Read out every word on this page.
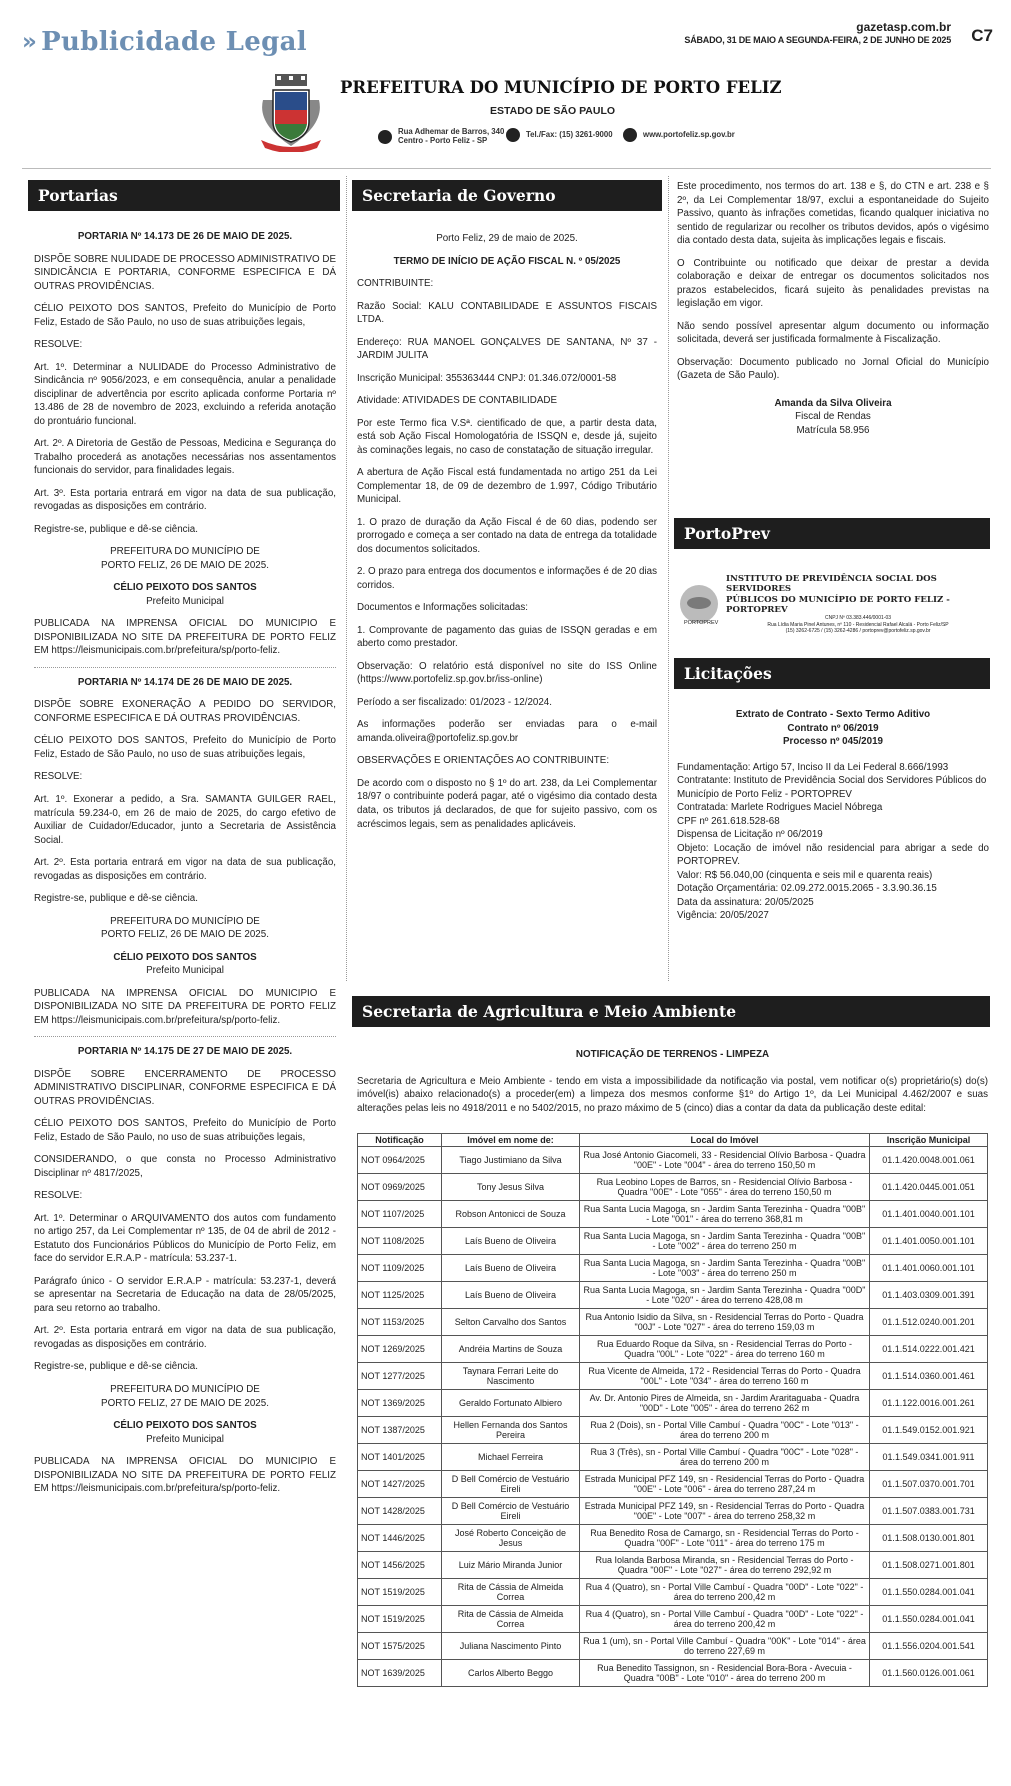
» Publicidade Legal	gazetasp.com.br
SÁBADO, 31 DE MAIO A SEGUNDA-FEIRA, 2 DE JUNHO DE 2025 C7
PREFEITURA DO MUNICÍPIO DE PORTO FELIZ
ESTADO DE SÃO PAULO
Rua Adhemar de Barros, 340
Centro - Porto Feliz - SP
Tel./Fax: (15) 3261-9000	www.portofeliz.sp.gov.br
Portarias

PORTARIA Nº 14.173 DE 26 DE MAIO DE 2025.

DISPÕE SOBRE NULIDADE DE PROCESSO ADMINISTRATIVO DE SINDICÂNCIA E PORTARIA, CONFORME ESPECIFICA E DÁ OUTRAS PROVIDÊNCIAS.

CÉLIO PEIXOTO DOS SANTOS, Prefeito do Município de Porto Feliz, Estado de São Paulo, no uso de suas atribuições legais,

RESOLVE:

Art. 1º. Determinar a NULIDADE do Processo Administrativo de Sindicância nº 9056/2023, e em consequência, anular a penalidade disciplinar de advertência por escrito aplicada conforme Portaria nº 13.486 de 28 de novembro de 2023, excluindo a referida anotação do prontuário funcional.

Art. 2º. A Diretoria de Gestão de Pessoas, Medicina e Segurança do Trabalho procederá as anotações necessárias nos assentamentos funcionais do servidor, para finalidades legais.

Art. 3º. Esta portaria entrará em vigor na data de sua publicação, revogadas as disposições em contrário.

Registre-se, publique e dê-se ciência.

PREFEITURA DO MUNICÍPIO DE

PORTO FELIZ, 26 DE MAIO DE 2025.

CÉLIO PEIXOTO DOS SANTOS

Prefeito Municipal

PUBLICADA NA IMPRENSA OFICIAL DO MUNICIPIO E DISPONIBILIZADA NO SITE DA PREFEITURA DE PORTO FELIZ EM https://leismunicipais.com.br/prefeitura/sp/porto-feliz.

PORTARIA Nº 14.174 DE 26 DE MAIO DE 2025.

DISPÕE SOBRE EXONERAÇÃO A PEDIDO DO SERVIDOR, CONFORME ESPECIFICA E DÁ OUTRAS PROVIDÊNCIAS.

CÉLIO PEIXOTO DOS SANTOS, Prefeito do Município de Porto Feliz, Estado de São Paulo, no uso de suas atribuições legais,

RESOLVE:

Art. 1º. Exonerar a pedido, a Sra. SAMANTA GUILGER RAEL, matrícula 59.234-0, em 26 de maio de 2025, do cargo efetivo de Auxiliar de Cuidador/Educador, junto a Secretaria de Assistência Social.

Art. 2º. Esta portaria entrará em vigor na data de sua publicação, revogadas as disposições em contrário.

Registre-se, publique e dê-se ciência.

PREFEITURA DO MUNICÍPIO DE

PORTO FELIZ, 26 DE MAIO DE 2025.

CÉLIO PEIXOTO DOS SANTOS

Prefeito Municipal

PUBLICADA NA IMPRENSA OFICIAL DO MUNICIPIO E DISPONIBILIZADA NO SITE DA PREFEITURA DE PORTO FELIZ EM https://leismunicipais.com.br/prefeitura/sp/porto-feliz.

PORTARIA Nº 14.175 DE 27 DE MAIO DE 2025.

DISPÕE SOBRE ENCERRAMENTO DE PROCESSO ADMINISTRATIVO DISCIPLINAR, CONFORME ESPECIFICA E DÁ OUTRAS PROVIDÊNCIAS.

CÉLIO PEIXOTO DOS SANTOS, Prefeito do Município de Porto Feliz, Estado de São Paulo, no uso de suas atribuições legais,

CONSIDERANDO, o que consta no Processo Administrativo Disciplinar nº 4817/2025,

RESOLVE:

Art. 1º. Determinar o ARQUIVAMENTO dos autos com fundamento no artigo 257, da Lei Complementar nº 135, de 04 de abril de 2012 - Estatuto dos Funcionários Públicos do Município de Porto Feliz, em face do servidor E.R.A.P - matrícula: 53.237-1.

Parágrafo único - O servidor E.R.A.P - matrícula: 53.237-1, deverá se apresentar na Secretaria de Educação na data de 28/05/2025, para seu retorno ao trabalho.

Art. 2º. Esta portaria entrará em vigor na data de sua publicação, revogadas as disposições em contrário.

Registre-se, publique e dê-se ciência.

PREFEITURA DO MUNICÍPIO DE

PORTO FELIZ, 27 DE MAIO DE 2025.

CÉLIO PEIXOTO DOS SANTOS

Prefeito Municipal

PUBLICADA NA IMPRENSA OFICIAL DO MUNICIPIO E DISPONIBILIZADA NO SITE DA PREFEITURA DE PORTO FELIZ EM https://leismunicipais.com.br/prefeitura/sp/porto-feliz.

Secretaria de Governo

Porto Feliz, 29 de maio de 2025.

TERMO DE INÍCIO DE AÇÃO FISCAL N. º 05/2025

CONTRIBUINTE:

Razão Social: KALU CONTABILIDADE E ASSUNTOS FISCAIS LTDA.

Endereço: RUA MANOEL GONÇALVES DE SANTANA, Nº 37 - JARDIM JULITA

Inscrição Municipal: 355363444 CNPJ: 01.346.072/0001-58

Atividade: ATIVIDADES DE CONTABILIDADE

Por este Termo fica V.Sª. cientificado de que, a partir desta data, está sob Ação Fiscal Homologatória de ISSQN e, desde já, sujeito às cominações legais, no caso de constatação de situação irregular.

A abertura de Ação Fiscal está fundamentada no artigo 251 da Lei Complementar 18, de 09 de dezembro de 1.997, Código Tributário Municipal.

1. O prazo de duração da Ação Fiscal é de 60 dias, podendo ser prorrogado e começa a ser contado na data de entrega da totalidade dos documentos solicitados.

2. O prazo para entrega dos documentos e informações é de 20 dias corridos.

Documentos e Informações solicitadas:

1. Comprovante de pagamento das guias de ISSQN geradas e em aberto como prestador.

Observação: O relatório está disponível no site do ISS Online (https://www.portofeliz.sp.gov.br/iss-online)

Período a ser fiscalizado: 01/2023 - 12/2024.

As informações poderão ser enviadas para o e-mail amanda.oliveira@portofeliz.sp.gov.br

OBSERVAÇÕES E ORIENTAÇÕES AO CONTRIBUINTE:

De acordo com o disposto no § 1º do art. 238, da Lei Complementar 18/97 o contribuinte poderá pagar, até o vigésimo dia contado desta data, os tributos já declarados, de que for sujeito passivo, com os acréscimos legais, sem as penalidades aplicáveis.

Este procedimento, nos termos do art. 138 e §, do CTN e art. 238 e § 2º, da Lei Complementar 18/97, exclui a espontaneidade do Sujeito Passivo, quanto às infrações cometidas, ficando qualquer iniciativa no sentido de regularizar ou recolher os tributos devidos, após o vigésimo dia contado desta data, sujeita às implicações legais e fiscais.

O Contribuinte ou notificado que deixar de prestar a devida colaboração e deixar de entregar os documentos solicitados nos prazos estabelecidos, ficará sujeito às penalidades previstas na legislação em vigor.

Não sendo possível apresentar algum documento ou informação solicitada, deverá ser justificada formalmente à Fiscalização.

Observação: Documento publicado no Jornal Oficial do Município (Gazeta de São Paulo).

Amanda da Silva Oliveira

Fiscal de Rendas

Matrícula 58.956

PortoPrev
INSTITUTO DE PREVIDÊNCIA SOCIAL DOS SERVIDORES
PÚBLICOS DO MUNICÍPIO DE PORTO FELIZ - PORTOPREV
CNPJ Nº 03.383.446/0001-03
Rua Lídia Maria Pinel Antunes, nº 110 - Residencial Rafael Alcalá - Porto Feliz/SP
(15) 3262-6725 / (15) 3262-4286 / portoprev@portofeliz.sp.gov.br
PORTOPREV
Licitações

Extrato de Contrato - Sexto Termo Aditivo

Contrato nº 06/2019

Processo nº 045/2019

Fundamentação: Artigo 57, Inciso II da Lei Federal 8.666/1993
Contratante: Instituto de Previdência Social dos Servidores Públicos do Município de Porto Feliz - PORTOPREV
Contratada: Marlete Rodrigues Maciel Nóbrega
CPF nº 261.618.528-68
Dispensa de Licitação nº 06/2019
Objeto: Locação de imóvel não residencial para abrigar a sede do PORTOPREV.
Valor: R$ 56.040,00 (cinquenta e seis mil e quarenta reais)
Dotação Orçamentária: 02.09.272.0015.2065 - 3.3.90.36.15
Data da assinatura: 20/05/2025
Vigência: 20/05/2027
Secretaria de Agricultura e Meio Ambiente

NOTIFICAÇÃO DE TERRENOS - LIMPEZA

Secretaria de Agricultura e Meio Ambiente - tendo em vista a impossibilidade da notificação via postal, vem notificar o(s) proprietário(s) do(s) imóvel(is) abaixo relacionado(s) a proceder(em) a limpeza dos mesmos conforme §1º do Artigo 1º, da Lei Municipal 4.462/2007 e suas alterações pelas leis no 4918/2011 e no 5402/2015, no prazo máximo de 5 (cinco) dias a contar da data da publicação deste edital:

Notificação	Imóvel em nome de:	Local do Imóvel	Inscrição Municipal
NOT 0964/2025	Tiago Justimiano da Silva	Rua José Antonio Giacomeli, 33 - Residencial Olívio Barbosa - Quadra "00E" - Lote "004" - área do terreno 150,50 m	01.1.420.0048.001.061
NOT 0969/2025	Tony Jesus Silva	Rua Leobino Lopes de Barros, sn - Residencial Olívio Barbosa - Quadra "00E" - Lote "055" - área do terreno 150,50 m	01.1.420.0445.001.051
NOT 1107/2025	Robson Antonicci de Souza	Rua Santa Lucia Magoga, sn - Jardim Santa Terezinha - Quadra "00B" - Lote "001" - área do terreno 368,81 m	01.1.401.0040.001.101
NOT 1108/2025	Laís Bueno de Oliveira	Rua Santa Lucia Magoga, sn - Jardim Santa Terezinha - Quadra "00B" - Lote "002" - área do terreno 250 m	01.1.401.0050.001.101
NOT 1109/2025	Laís Bueno de Oliveira	Rua Santa Lucia Magoga, sn - Jardim Santa Terezinha - Quadra "00B" - Lote "003" - área do terreno 250 m	01.1.401.0060.001.101
NOT 1125/2025	Laís Bueno de Oliveira	Rua Santa Lucia Magoga, sn - Jardim Santa Terezinha - Quadra "00D" - Lote "020" - área do terreno 428,08 m	01.1.403.0309.001.391
NOT 1153/2025	Selton Carvalho dos Santos	Rua Antonio Isidio da Silva, sn - Residencial Terras do Porto - Quadra "00J" - Lote "027" - área do terreno 159,03 m	01.1.512.0240.001.201
NOT 1269/2025	Andréia Martins de Souza	Rua Eduardo Roque da Silva, sn - Residencial Terras do Porto - Quadra "00L" - Lote "022" - área do terreno 160 m	01.1.514.0222.001.421
NOT 1277/2025	Taynara Ferrari Leite do Nascimento	Rua Vicente de Almeida, 172 - Residencial Terras do Porto - Quadra "00L" - Lote "034" - área do terreno 160 m	01.1.514.0360.001.461
NOT 1369/2025	Geraldo Fortunato Albiero	Av. Dr. Antonio Pires de Almeida, sn - Jardim Araritaguaba - Quadra "00D" - Lote "005" - área do terreno 262 m	01.1.122.0016.001.261
NOT 1387/2025	Hellen Fernanda dos Santos Pereira	Rua 2 (Dois), sn - Portal Ville Cambuí - Quadra "00C" - Lote "013" - área do terreno 200 m	01.1.549.0152.001.921
NOT 1401/2025	Michael Ferreira	Rua 3 (Três), sn - Portal Ville Cambuí - Quadra "00C" - Lote "028" - área do terreno 200 m	01.1.549.0341.001.911
NOT 1427/2025	D Bell Comércio de Vestuário Eireli	Estrada Municipal PFZ 149, sn - Residencial Terras do Porto - Quadra "00E" - Lote "006" - área do terreno 287,24 m	01.1.507.0370.001.701
NOT 1428/2025	D Bell Comércio de Vestuário Eireli	Estrada Municipal PFZ 149, sn - Residencial Terras do Porto - Quadra "00E" - Lote "007" - área do terreno 258,32 m	01.1.507.0383.001.731
NOT 1446/2025	José Roberto Conceição de Jesus	Rua Benedito Rosa de Camargo, sn - Residencial Terras do Porto - Quadra "00F" - Lote "011" - área do terreno 175 m	01.1.508.0130.001.801
NOT 1456/2025	Luiz Mário Miranda Junior	Rua Iolanda Barbosa Miranda, sn - Residencial Terras do Porto - Quadra "00F" - Lote "027" - área do terreno 292,92 m	01.1.508.0271.001.801
NOT 1519/2025	Rita de Cássia de Almeida Correa	Rua 4 (Quatro), sn - Portal Ville Cambuí - Quadra "00D" - Lote "022" - área do terreno 200,42 m	01.1.550.0284.001.041
NOT 1519/2025	Rita de Cássia de Almeida Correa	Rua 4 (Quatro), sn - Portal Ville Cambuí - Quadra "00D" - Lote "022" - área do terreno 200,42 m	01.1.550.0284.001.041
NOT 1575/2025	Juliana Nascimento Pinto	Rua 1 (um), sn - Portal Ville Cambuí - Quadra "00K" - Lote "014" - área do terreno 227,69 m	01.1.556.0204.001.541
NOT 1639/2025	Carlos Alberto Beggo	Rua Benedito Tassignon, sn - Residencial Bora-Bora - Avecuia - Quadra "00B" - Lote "010" - área do terreno 200 m	01.1.560.0126.001.061
